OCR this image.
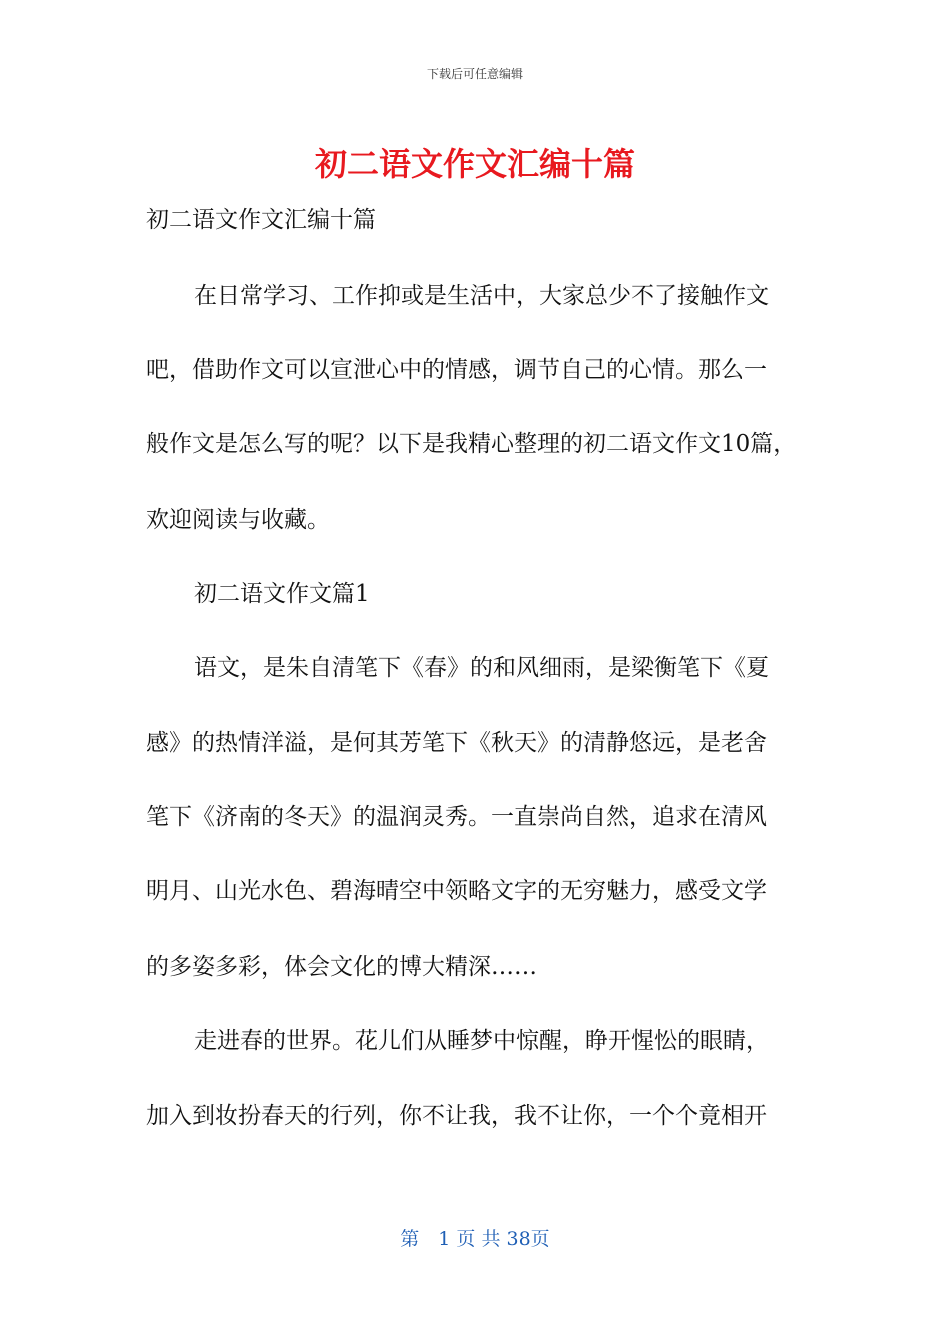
下载后可任意编辑
初二语文作文汇编十篇
初二语文作文汇编十篇
在日常学习、工作抑或是生活中，大家总少不了接触作文
吧，借助作文可以宣泄心中的情感，调节自己的心情。那么一
般作文是怎么写的呢？以下是我精心整理的初二语文作文10篇，
欢迎阅读与收藏。
初二语文作文篇1
语文，是朱自清笔下《春》的和风细雨，是梁衡笔下《夏
感》的热情洋溢，是何其芳笔下《秋天》的清静悠远，是老舍
笔下《济南的冬天》的温润灵秀。一直崇尚自然，追求在清风
明月、山光水色、碧海晴空中领略文字的无穷魅力，感受文学
的多姿多彩，体会文化的博大精深……
走进春的世界。花儿们从睡梦中惊醒，睁开惺忪的眼睛，
加入到妆扮春天的行列，你不让我，我不让你，一个个竟相开
第　1 页 共 38页
